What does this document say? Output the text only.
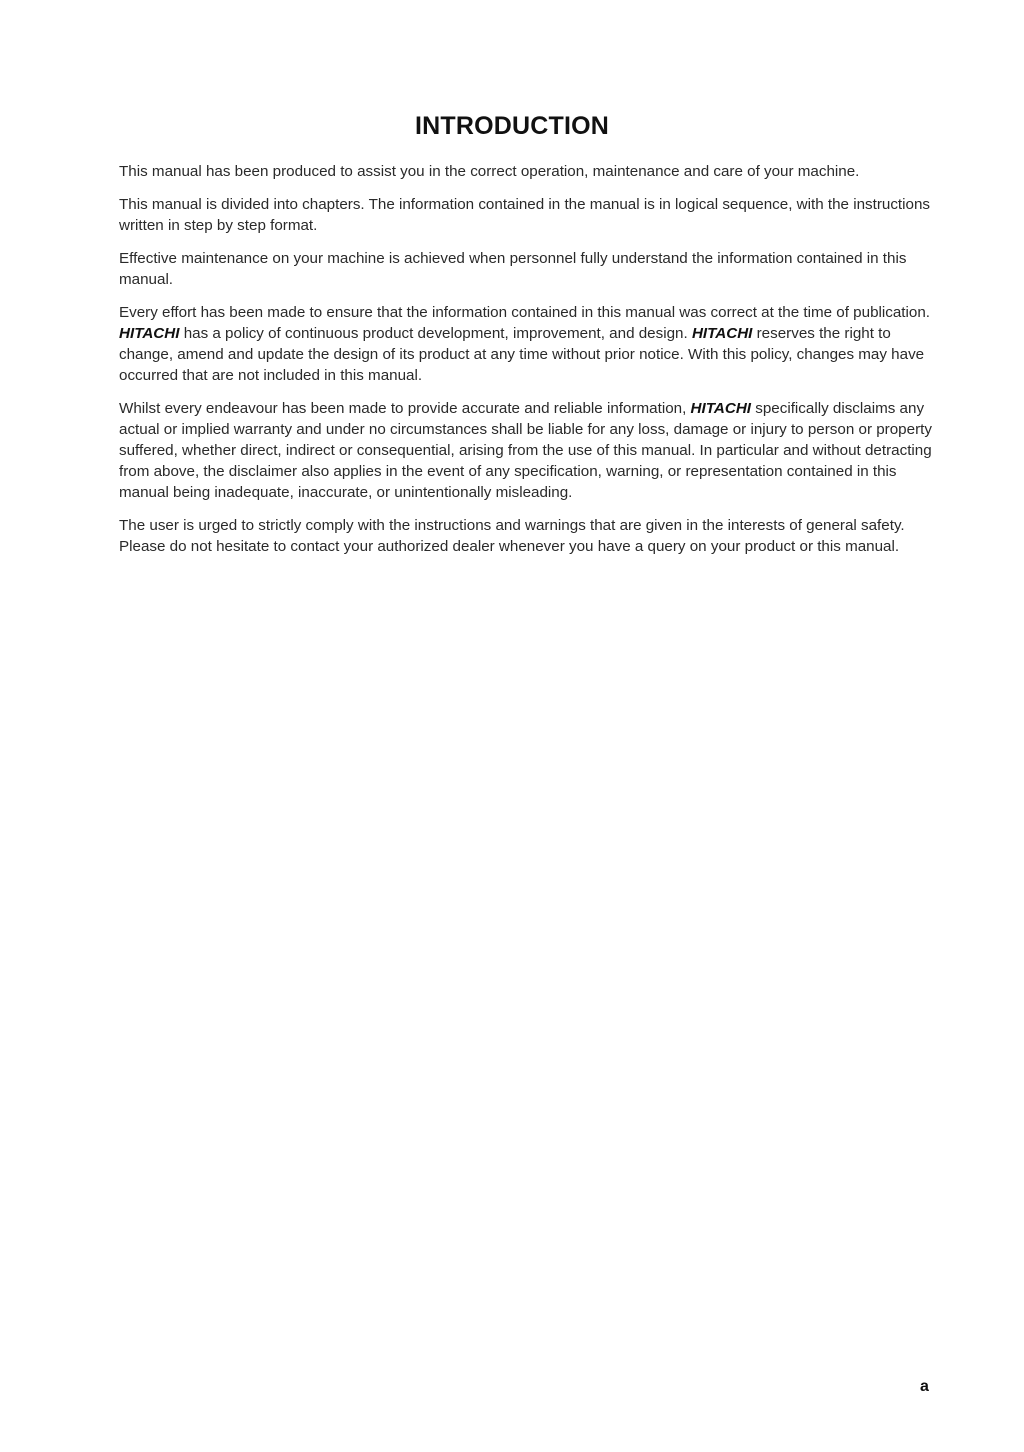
INTRODUCTION

This manual has been produced to assist you in the correct operation, maintenance and care of your machine.

This manual is divided into chapters. The information contained in the manual is in logical sequence, with the instructions written in step by step format.

Effective maintenance on your machine is achieved when personnel fully understand the information contained in this manual.

Every effort has been made to ensure that the information contained in this manual was correct at the time of publication. HITACHI has a policy of continuous product development, improvement, and design. HITACHI reserves the right to change, amend and update the design of its product at any time without prior notice. With this policy, changes may have occurred that are not included in this manual.

Whilst every endeavour has been made to provide accurate and reliable information, HITACHI specifically disclaims any actual or implied warranty and under no circumstances shall be liable for any loss, damage or injury to person or property suffered, whether direct, indirect or consequential, arising from the use of this manual. In particular and without detracting from above, the disclaimer also applies in the event of any specification, warning, or representation contained in this manual being inadequate, inaccurate, or unintentionally misleading.

The user is urged to strictly comply with the instructions and warnings that are given in the interests of general safety. Please do not hesitate to contact your authorized dealer whenever you have a query on your product or this manual.

a
